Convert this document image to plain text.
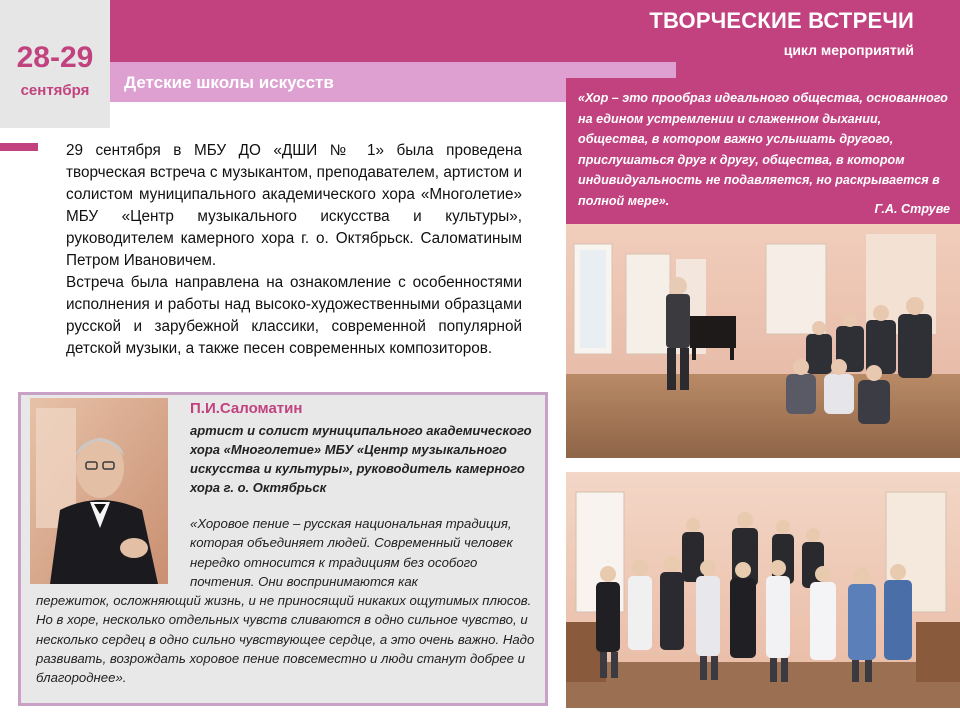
28-29
сентября
ТВОРЧЕСКИЕ ВСТРЕЧИ
цикл мероприятий
Детские школы искусств

29 сентября в МБУ ДО «ДШИ № 1» была проведена творческая встреча с музыкантом, преподавателем, артистом и солистом муниципального академического хора «Многолетие» МБУ «Центр музыкального искусства и культуры», руководителем камерного хора г. о. Октябрьск. Саломатиным Петром Ивановичем.

Встреча была направлена на ознакомление с особенностями исполнения и работы над высоко-художественными образцами русской и зарубежной классики, современной популярной детской музыки, а также песен современных композиторов.

«Хор – это прообраз идеального общества, основанного на едином устремлении и слаженном дыхании, общества, в котором важно услышать другого, прислушаться друг к другу, общества, в котором индивидуальность не подавляется, но раскрывается в полной мере».
Г.А. Струве
П.И.Саломатин
артист и солист муниципального академического хора «Многолетие» МБУ «Центр музыкального искусства и культуры», руководитель камерного хора г. о. Октябрьск
«Хоровое пение – русская национальная традиция, которая объединяет людей. Современный человек нередко относится к традициям без особого почтения. Они воспринимаются как
пережиток, осложняющий жизнь, и не приносящий никаких ощутимых плюсов. Но в хоре, несколько отдельных чувств сливаются в одно сильное чувство, и несколько сердец в одно сильно чувствующее сердце, а это очень важно. Надо развивать, возрождать хоровое пение повсеместно и люди станут добрее и благороднее».
